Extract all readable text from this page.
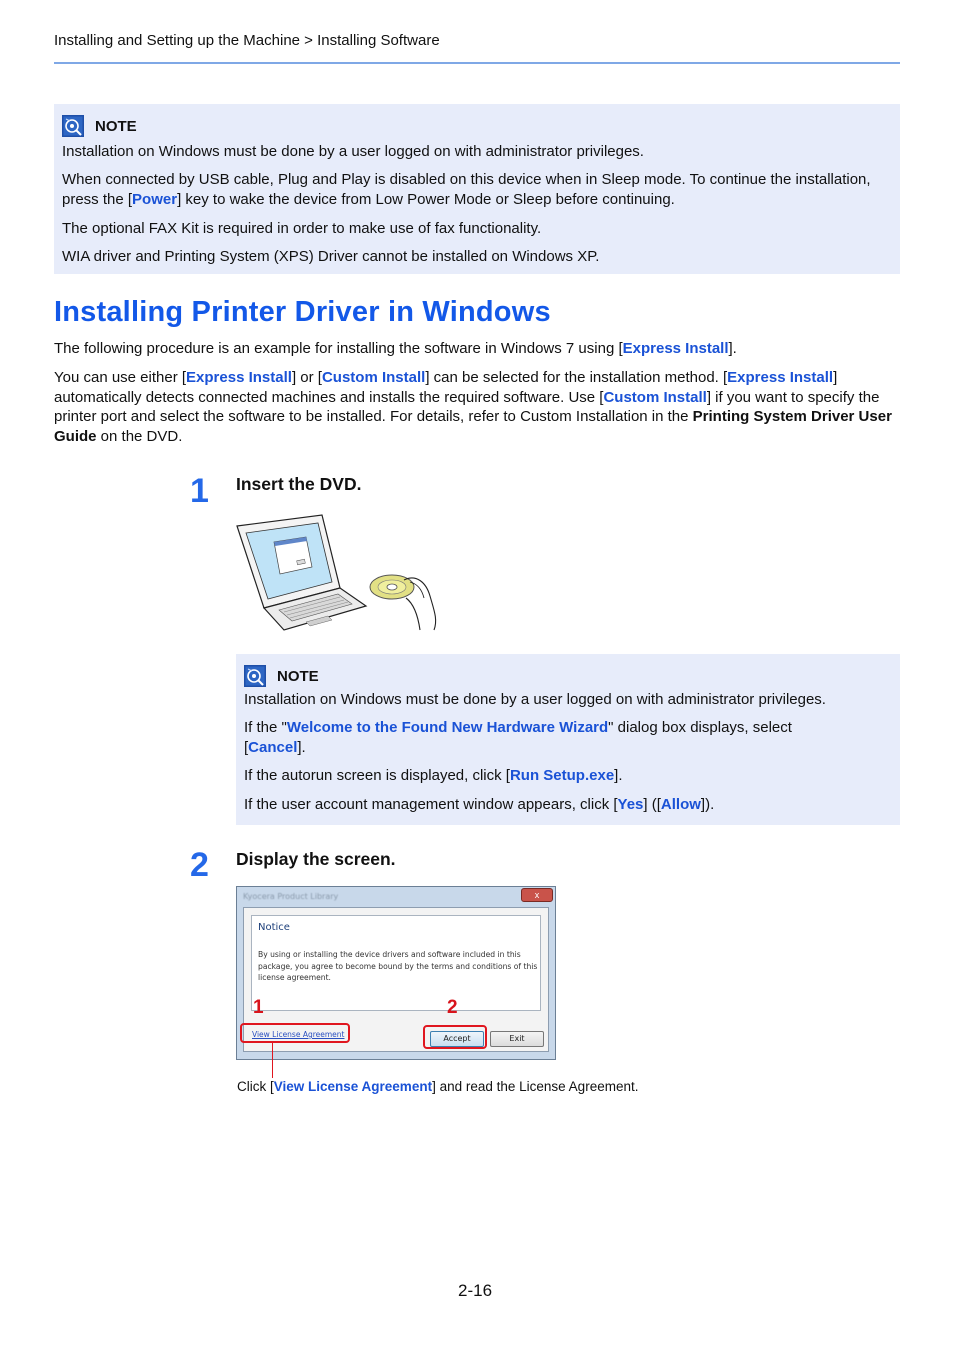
Installing and Setting up the Machine > Installing Software
NOTE

Installation on Windows must be done by a user logged on with administrator privileges.

When connected by USB cable, Plug and Play is disabled on this device when in Sleep mode. To continue the installation, press the [Power] key to wake the device from Low Power Mode or Sleep before continuing.

The optional FAX Kit is required in order to make use of fax functionality.

WIA driver and Printing System (XPS) Driver cannot be installed on Windows XP.

Installing Printer Driver in Windows
The following procedure is an example for installing the software in Windows 7 using [Express Install].
You can use either [Express Install] or [Custom Install] can be selected for the installation method. [Express Install] automatically detects connected machines and installs the required software. Use [Custom Install] if you want to specify the printer port and select the software to be installed. For details, refer to Custom Installation in the Printing System Driver User Guide on the DVD.
1 Insert the DVD.
NOTE

Installation on Windows must be done by a user logged on with administrator privileges.

If the "Welcome to the Found New Hardware Wizard" dialog box displays, select [Cancel].

If the autorun screen is displayed, click [Run Setup.exe].

If the user account management window appears, click [Yes] ([Allow]).

2 Display the screen.
Kyocera Product Library	x
Notice
By using or installing the device drivers and software included in this package, you agree to become bound by the terms and conditions of this license agreement.
View License Agreement	Accept	Exit
1	2
Click [View License Agreement] and read the License Agreement.
2-16
